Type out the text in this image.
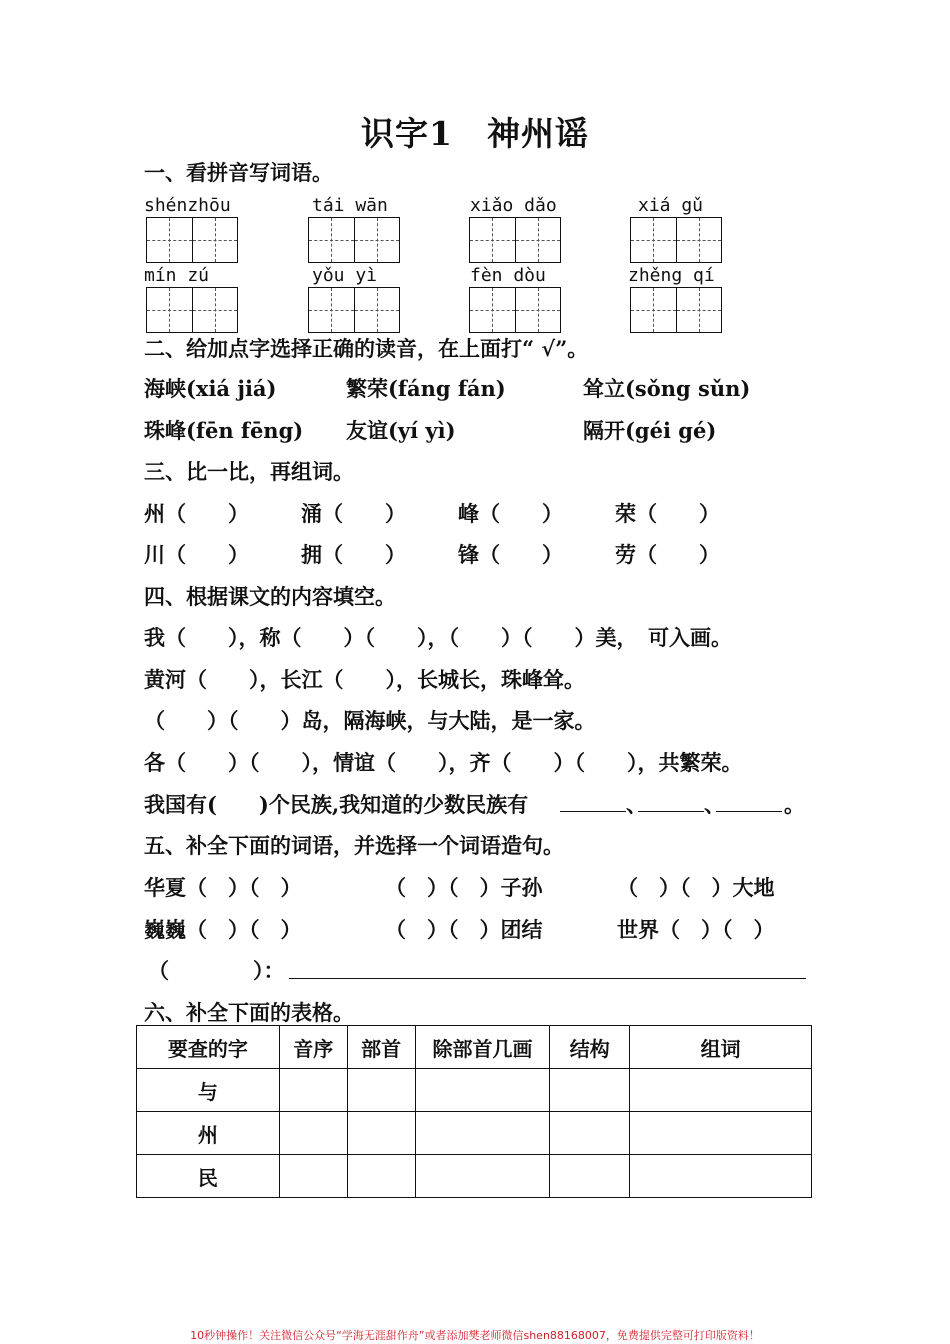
识字1　神州谣
一、看拼音写词语。
shénzhōu	tái wān	xiǎo dǎo	xiá gǔ
mín zú	yǒu yì	fèn dòu	zhěng qí
二、给加点字选择正确的读音，在上面打“ √”。
海峡(xiá jiá)	繁荣(fáng fán)	耸立(sǒng sǔn)
珠峰(fēn fēng) 友谊(yí yì)	隔开(géi gé)
三、比一比，再组词。
州（　　） 涌（　　） 峰（　　） 荣（　　）
川（　　） 拥（　　） 锋（　　） 劳（　　）
四、根据课文的内容填空。
我（　　），称（　　）（　　），（　　）（　　）美，　可入画。
黄河（　　），长江（　　），长城长，珠峰耸。
（　　）（　　）岛，隔海峡，与大陆，是一家。
各（　　）（　　），情谊（　　），齐（　　）（　　），共繁荣。
我国有(　　)个民族,我知道的少数民族有	、	、	。
五、补全下面的词语，并选择一个词语造句。
华夏（　）（　）	（　）（　）子孙	（　）（　）大地
巍巍（　）（　）	（　）（　）团结	世界（　）（　）
（　　　　）：
六、补全下面的表格。
要查的字	音序	部首	除部首几画	结构	组词
与					
州					
民					
10秒钟操作！关注微信公众号“学海无涯甜作舟”或者添加樊老师微信shen88168007，免费提供完整可打印版资料！
